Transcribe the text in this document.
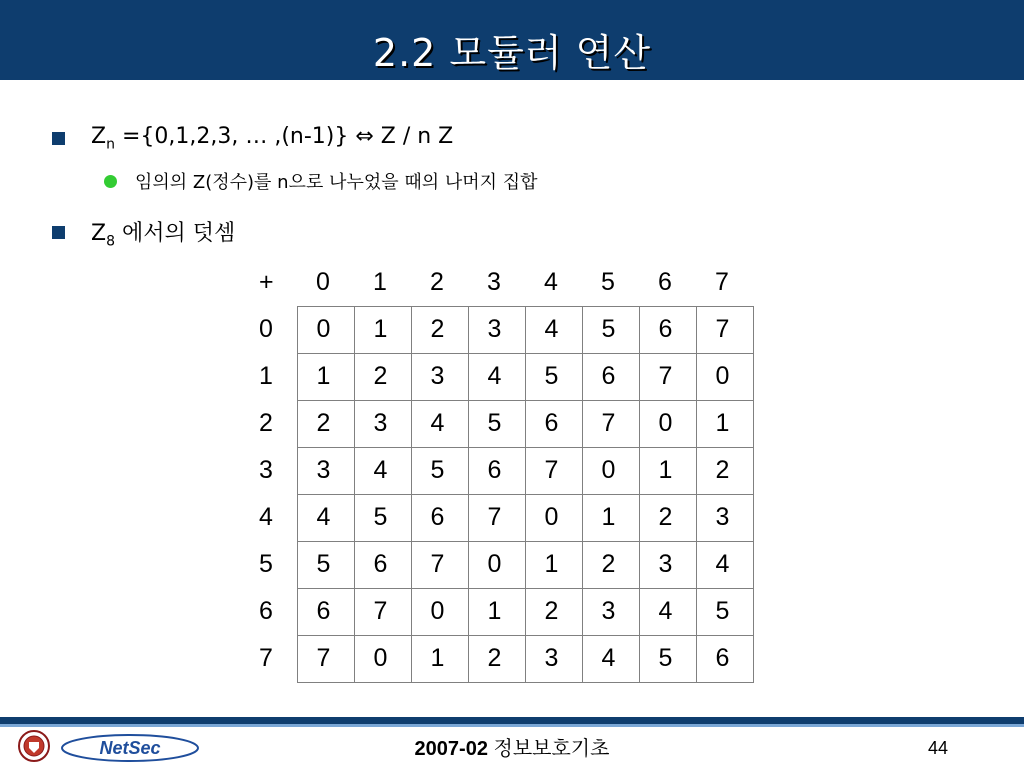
2.2 모듈러 연산
$Z_n =\{0,1,2,3$, … ,(n-1)} ⇔ Z / n Z
임의의 Z(정수)를 n으로 나누었을 때의 나머지 집합
$Z_8$ 에서의 덧셈
+	0	1	2	3	4	5	6	7
0	0	1	2	3	4	5	6	7
1	1	2	3	4	5	6	7	0
2	2	3	4	5	6	7	0	1
3	3	4	5	6	7	0	1	2
4	4	5	6	7	0	1	2	3
5	5	6	7	0	1	2	3	4
6	6	7	0	1	2	3	4	5
7	7	0	1	2	3	4	5	6
NetSec	2007-02 정보보호기초	44
